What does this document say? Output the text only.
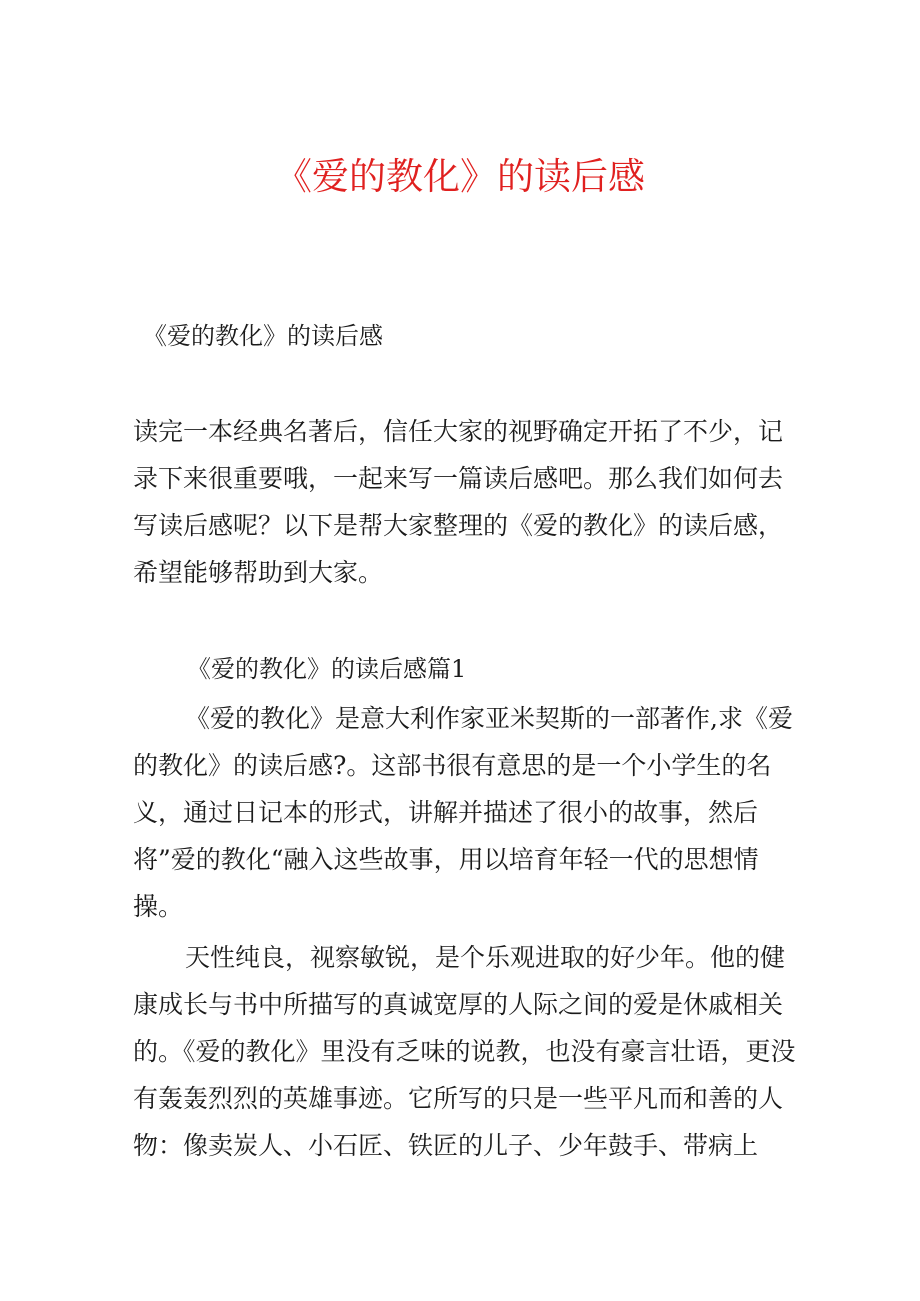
《爱的教化》的读后感
《爱的教化》的读后感

读完一本经典名著后，信任大家的视野确定开拓了不少，记录下来很重要哦，一起来写一篇读后感吧。那么我们如何去写读后感呢？以下是帮大家整理的《爱的教化》的读后感，希望能够帮助到大家。

《爱的教化》的读后感篇1

《爱的教化》是意大利作家亚米契斯的一部著作,求《爱的教化》的读后感?。这部书很有意思的是一个小学生的名义，通过日记本的形式，讲解并描述了很小的故事，然后将”爱的教化“融入这些故事，用以培育年轻一代的思想情操。

天性纯良，视察敏锐，是个乐观进取的好少年。他的健康成长与书中所描写的真诚宽厚的人际之间的爱是休戚相关的。《爱的教化》里没有乏味的说教，也没有豪言壮语，更没有轰轰烈烈的英雄事迹。它所写的只是一些平凡而和善的人物：像卖炭人、小石匠、铁匠的儿子、少年鼓手、带病上
